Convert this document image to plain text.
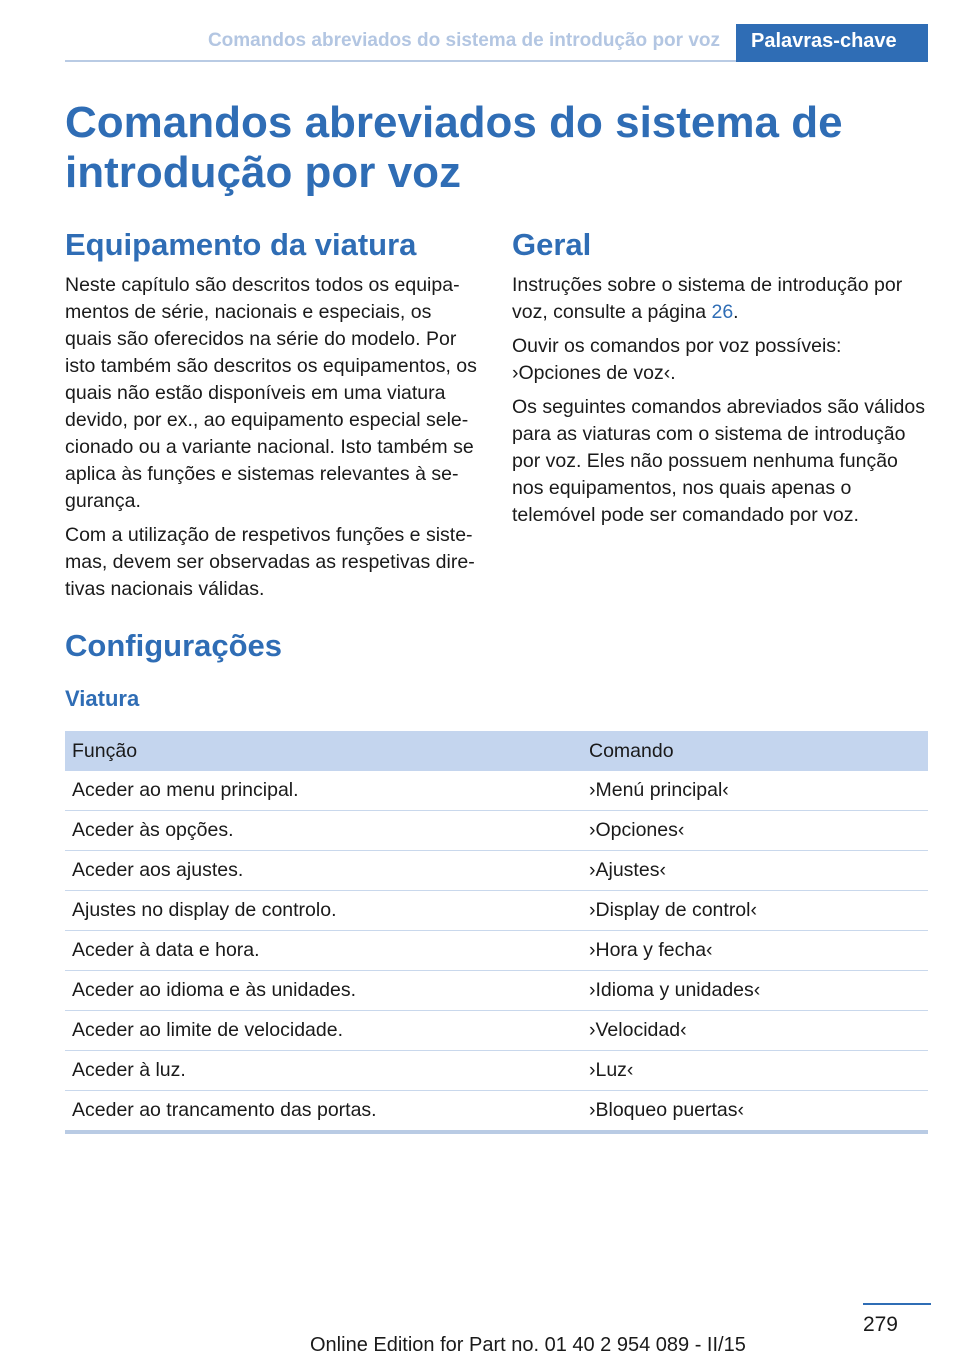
Comandos abreviados do sistema de introdução por voz Palavras-chave
Comandos abreviados do sistema de introdução por voz
Equipamento da viatura

Neste capítulo são descritos todos os equipamentos de série, nacionais e especiais, os quais são oferecidos na série do modelo. Por isto também são descritos os equipamentos, os quais não estão disponíveis em uma viatura devido, por ex., ao equipamento especial selecionado ou a variante nacional. Isto também se aplica às funções e sistemas relevantes à segurança.

Com a utilização de respetivos funções e sistemas, devem ser observadas as respetivas diretivas nacionais válidas.

Geral

Instruções sobre o sistema de introdução por voz, consulte a página 26.

Ouvir os comandos por voz possíveis: ›Opciones de voz‹.

Os seguintes comandos abreviados são válidos para as viaturas com o sistema de introdução por voz. Eles não possuem nenhuma função nos equipamentos, nos quais apenas o telemóvel pode ser comandado por voz.

Configurações
Viatura
Função	Comando
Aceder ao menu principal.	›Menú principal‹
Aceder às opções.	›Opciones‹
Aceder aos ajustes.	›Ajustes‹
Ajustes no display de controlo.	›Display de control‹
Aceder à data e hora.	›Hora y fecha‹
Aceder ao idioma e às unidades.	›Idioma y unidades‹
Aceder ao limite de velocidade.	›Velocidad‹
Aceder à luz.	›Luz‹
Aceder ao trancamento das portas.	›Bloqueo puertas‹
279
Online Edition for Part no. 01 40 2 954 089 - II/15
